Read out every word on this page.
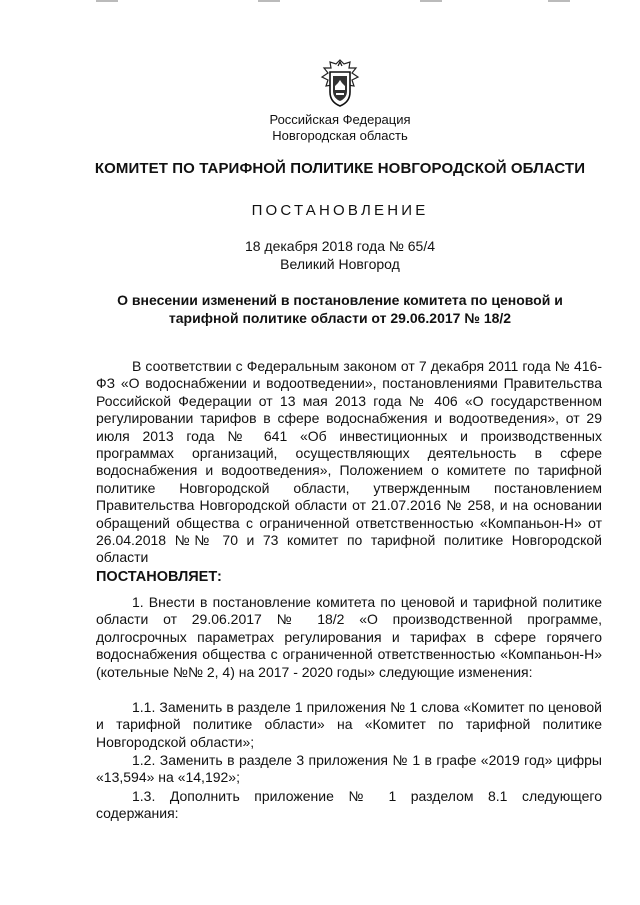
Российская Федерация
Новгородская область
КОМИТЕТ ПО ТАРИФНОЙ ПОЛИТИКЕ НОВГОРОДСКОЙ ОБЛАСТИ
ПОСТАНОВЛЕНИЕ
18 декабря 2018 года № 65/4
Великий Новгород
О внесении изменений в постановление комитета по ценовой и
тарифной политике области от 29.06.2017 № 18/2

В соответствии с Федеральным законом от 7 декабря 2011 года № 416-ФЗ «О водоснабжении и водоотведении», постановлениями Правительства Российской Федерации от 13 мая 2013 года № 406 «О государственном регулировании тарифов в сфере водоснабжения и водоотведения», от 29 июля 2013 года № 641 «Об инвестиционных и производственных программах организаций, осуществляющих деятельность в сфере водоснабжения и водоотведения», Положением о комитете по тарифной политике Новгородской области, утвержденным постановлением Правительства Новгородской области от 21.07.2016 № 258, и на основании обращений общества с ограниченной ответственностью «Компаньон-Н» от 26.04.2018 №№ 70 и 73 комитет по тарифной политике Новгородской области

ПОСТАНОВЛЯЕТ:

1. Внести в постановление комитета по ценовой и тарифной политике области от 29.06.2017 № 18/2 «О производственной программе, долгосрочных параметрах регулирования и тарифах в сфере горячего водоснабжения общества с ограниченной ответственностью «Компаньон-Н» (котельные №№ 2, 4) на 2017 - 2020 годы» следующие изменения:

1.1. Заменить в разделе 1 приложения № 1 слова «Комитет по ценовой и тарифной политике области» на «Комитет по тарифной политике Новгородской области»;

1.2. Заменить в разделе 3 приложения № 1 в графе «2019 год» цифры «13,594» на «14,192»;

1.3. Дополнить приложение № 1 разделом 8.1 следующего содержания:
